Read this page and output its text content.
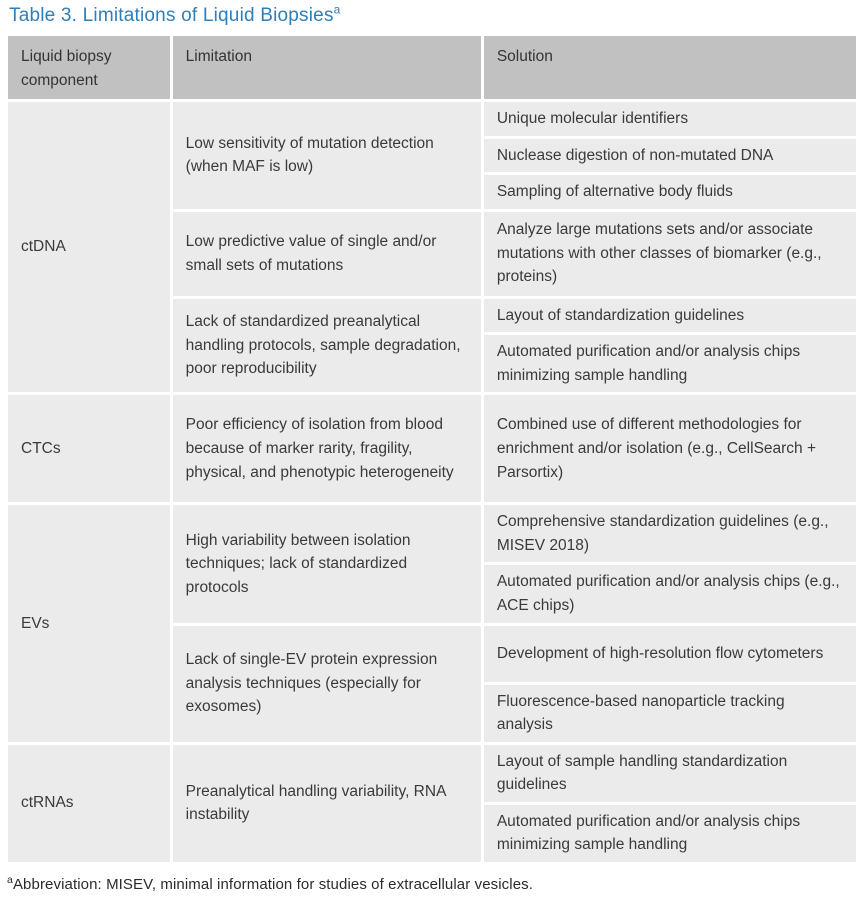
Table 3. Limitations of Liquid Biopsies$^a$
Liquid biopsy component	Limitation	Solution
ctDNA	Low sensitivity of mutation detection (when MAF is low)	Unique molecular identifiers
		Nuclease digestion of non-mutated DNA
		Sampling of alternative body fluids
	Low predictive value of single and/or small sets of mutations	Analyze large mutations sets and/or associate mutations with other classes of biomarker (e.g., proteins)
	Lack of standardized preanalytical handling protocols, sample degradation, poor reproducibility	Layout of standardization guidelines
		Automated purification and/or analysis chips minimizing sample handling
CTCs	Poor efficiency of isolation from blood because of marker rarity, fragility, physical, and phenotypic heterogeneity	Combined use of different methodologies for enrichment and/or isolation (e.g., CellSearch + Parsortix)
EVs	High variability between isolation techniques; lack of standardized protocols	Comprehensive standardization guidelines (e.g., MISEV 2018)
		Automated purification and/or analysis chips (e.g., ACE chips)
	Lack of single-EV protein expression analysis techniques (especially for exosomes)	Development of high-resolution flow cytometers
		Fluorescence-based nanoparticle tracking analysis
ctRNAs	Preanalytical handling variability, RNA instability	Layout of sample handling standardization guidelines
		Automated purification and/or analysis chips minimizing sample handling
$^a$Abbreviation: MISEV, minimal information for studies of extracellular vesicles.
